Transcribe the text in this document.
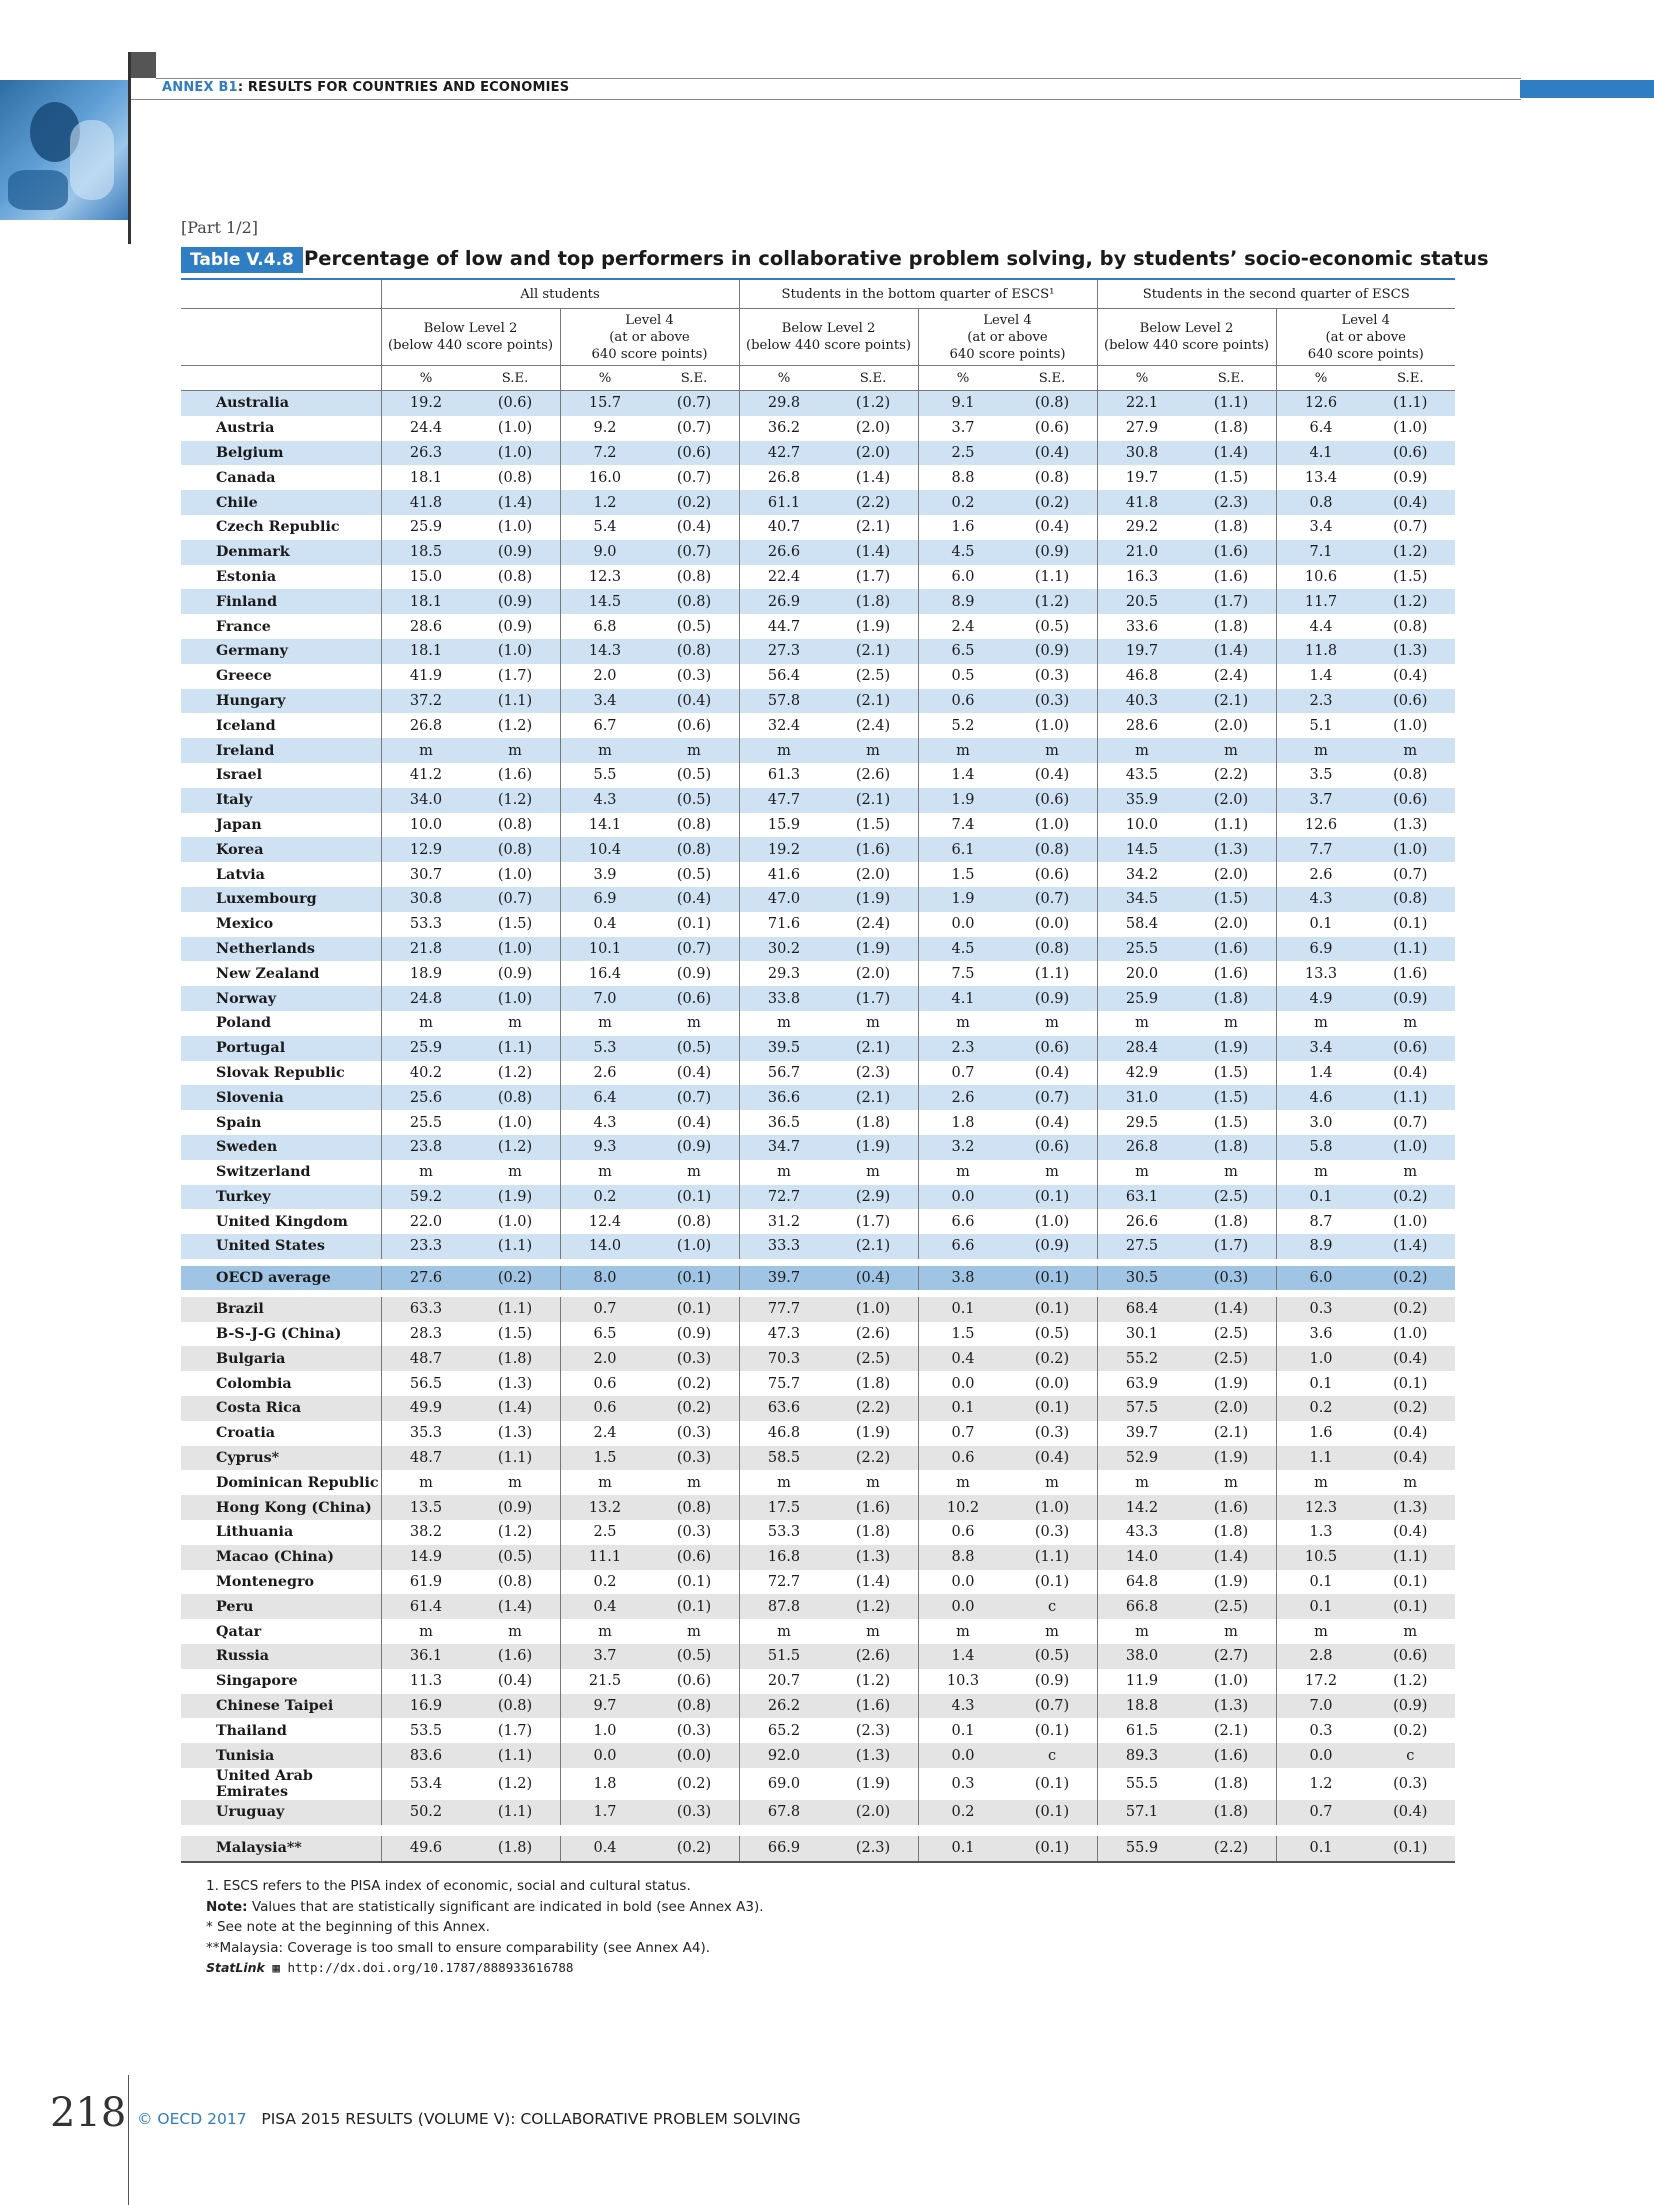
ANNEX B1: RESULTS FOR COUNTRIES AND ECONOMIES
[Part 1/2]
Table V.4.8 Percentage of low and top performers in collaborative problem solving, by students’ socio-economic status
	All students				Students in the bottom quarter of ESCS¹				Students in the second quarter of ESCS			
	Below Level 2
(below 440 score points)		Level 4
(at or above
640 score points)		Below Level 2
(below 440 score points)		Level 4
(at or above
640 score points)		Below Level 2
(below 440 score points)		Level 4
(at or above
640 score points)	
	%	S.E.	%	S.E.	%	S.E.	%	S.E.	%	S.E.	%	S.E.
Australia	19.2	(0.6)	15.7	(0.7)	29.8	(1.2)	9.1	(0.8)	22.1	(1.1)	12.6	(1.1)
Austria	24.4	(1.0)	9.2	(0.7)	36.2	(2.0)	3.7	(0.6)	27.9	(1.8)	6.4	(1.0)
Belgium	26.3	(1.0)	7.2	(0.6)	42.7	(2.0)	2.5	(0.4)	30.8	(1.4)	4.1	(0.6)
Canada	18.1	(0.8)	16.0	(0.7)	26.8	(1.4)	8.8	(0.8)	19.7	(1.5)	13.4	(0.9)
Chile	41.8	(1.4)	1.2	(0.2)	61.1	(2.2)	0.2	(0.2)	41.8	(2.3)	0.8	(0.4)
Czech Republic	25.9	(1.0)	5.4	(0.4)	40.7	(2.1)	1.6	(0.4)	29.2	(1.8)	3.4	(0.7)
Denmark	18.5	(0.9)	9.0	(0.7)	26.6	(1.4)	4.5	(0.9)	21.0	(1.6)	7.1	(1.2)
Estonia	15.0	(0.8)	12.3	(0.8)	22.4	(1.7)	6.0	(1.1)	16.3	(1.6)	10.6	(1.5)
Finland	18.1	(0.9)	14.5	(0.8)	26.9	(1.8)	8.9	(1.2)	20.5	(1.7)	11.7	(1.2)
France	28.6	(0.9)	6.8	(0.5)	44.7	(1.9)	2.4	(0.5)	33.6	(1.8)	4.4	(0.8)
Germany	18.1	(1.0)	14.3	(0.8)	27.3	(2.1)	6.5	(0.9)	19.7	(1.4)	11.8	(1.3)
Greece	41.9	(1.7)	2.0	(0.3)	56.4	(2.5)	0.5	(0.3)	46.8	(2.4)	1.4	(0.4)
Hungary	37.2	(1.1)	3.4	(0.4)	57.8	(2.1)	0.6	(0.3)	40.3	(2.1)	2.3	(0.6)
Iceland	26.8	(1.2)	6.7	(0.6)	32.4	(2.4)	5.2	(1.0)	28.6	(2.0)	5.1	(1.0)
Ireland	m	m	m	m	m	m	m	m	m	m	m	m
Israel	41.2	(1.6)	5.5	(0.5)	61.3	(2.6)	1.4	(0.4)	43.5	(2.2)	3.5	(0.8)
Italy	34.0	(1.2)	4.3	(0.5)	47.7	(2.1)	1.9	(0.6)	35.9	(2.0)	3.7	(0.6)
Japan	10.0	(0.8)	14.1	(0.8)	15.9	(1.5)	7.4	(1.0)	10.0	(1.1)	12.6	(1.3)
Korea	12.9	(0.8)	10.4	(0.8)	19.2	(1.6)	6.1	(0.8)	14.5	(1.3)	7.7	(1.0)
Latvia	30.7	(1.0)	3.9	(0.5)	41.6	(2.0)	1.5	(0.6)	34.2	(2.0)	2.6	(0.7)
Luxembourg	30.8	(0.7)	6.9	(0.4)	47.0	(1.9)	1.9	(0.7)	34.5	(1.5)	4.3	(0.8)
Mexico	53.3	(1.5)	0.4	(0.1)	71.6	(2.4)	0.0	(0.0)	58.4	(2.0)	0.1	(0.1)
Netherlands	21.8	(1.0)	10.1	(0.7)	30.2	(1.9)	4.5	(0.8)	25.5	(1.6)	6.9	(1.1)
New Zealand	18.9	(0.9)	16.4	(0.9)	29.3	(2.0)	7.5	(1.1)	20.0	(1.6)	13.3	(1.6)
Norway	24.8	(1.0)	7.0	(0.6)	33.8	(1.7)	4.1	(0.9)	25.9	(1.8)	4.9	(0.9)
Poland	m	m	m	m	m	m	m	m	m	m	m	m
Portugal	25.9	(1.1)	5.3	(0.5)	39.5	(2.1)	2.3	(0.6)	28.4	(1.9)	3.4	(0.6)
Slovak Republic	40.2	(1.2)	2.6	(0.4)	56.7	(2.3)	0.7	(0.4)	42.9	(1.5)	1.4	(0.4)
Slovenia	25.6	(0.8)	6.4	(0.7)	36.6	(2.1)	2.6	(0.7)	31.0	(1.5)	4.6	(1.1)
Spain	25.5	(1.0)	4.3	(0.4)	36.5	(1.8)	1.8	(0.4)	29.5	(1.5)	3.0	(0.7)
Sweden	23.8	(1.2)	9.3	(0.9)	34.7	(1.9)	3.2	(0.6)	26.8	(1.8)	5.8	(1.0)
Switzerland	m	m	m	m	m	m	m	m	m	m	m	m
Turkey	59.2	(1.9)	0.2	(0.1)	72.7	(2.9)	0.0	(0.1)	63.1	(2.5)	0.1	(0.2)
United Kingdom	22.0	(1.0)	12.4	(0.8)	31.2	(1.7)	6.6	(1.0)	26.6	(1.8)	8.7	(1.0)
United States	23.3	(1.1)	14.0	(1.0)	33.3	(2.1)	6.6	(0.9)	27.5	(1.7)	8.9	(1.4)
OECD average	27.6	(0.2)	8.0	(0.1)	39.7	(0.4)	3.8	(0.1)	30.5	(0.3)	6.0	(0.2)
Brazil	63.3	(1.1)	0.7	(0.1)	77.7	(1.0)	0.1	(0.1)	68.4	(1.4)	0.3	(0.2)
B-S-J-G (China)	28.3	(1.5)	6.5	(0.9)	47.3	(2.6)	1.5	(0.5)	30.1	(2.5)	3.6	(1.0)
Bulgaria	48.7	(1.8)	2.0	(0.3)	70.3	(2.5)	0.4	(0.2)	55.2	(2.5)	1.0	(0.4)
Colombia	56.5	(1.3)	0.6	(0.2)	75.7	(1.8)	0.0	(0.0)	63.9	(1.9)	0.1	(0.1)
Costa Rica	49.9	(1.4)	0.6	(0.2)	63.6	(2.2)	0.1	(0.1)	57.5	(2.0)	0.2	(0.2)
Croatia	35.3	(1.3)	2.4	(0.3)	46.8	(1.9)	0.7	(0.3)	39.7	(2.1)	1.6	(0.4)
Cyprus*	48.7	(1.1)	1.5	(0.3)	58.5	(2.2)	0.6	(0.4)	52.9	(1.9)	1.1	(0.4)
Dominican Republic	m	m	m	m	m	m	m	m	m	m	m	m
Hong Kong (China)	13.5	(0.9)	13.2	(0.8)	17.5	(1.6)	10.2	(1.0)	14.2	(1.6)	12.3	(1.3)
Lithuania	38.2	(1.2)	2.5	(0.3)	53.3	(1.8)	0.6	(0.3)	43.3	(1.8)	1.3	(0.4)
Macao (China)	14.9	(0.5)	11.1	(0.6)	16.8	(1.3)	8.8	(1.1)	14.0	(1.4)	10.5	(1.1)
Montenegro	61.9	(0.8)	0.2	(0.1)	72.7	(1.4)	0.0	(0.1)	64.8	(1.9)	0.1	(0.1)
Peru	61.4	(1.4)	0.4	(0.1)	87.8	(1.2)	0.0	c	66.8	(2.5)	0.1	(0.1)
Qatar	m	m	m	m	m	m	m	m	m	m	m	m
Russia	36.1	(1.6)	3.7	(0.5)	51.5	(2.6)	1.4	(0.5)	38.0	(2.7)	2.8	(0.6)
Singapore	11.3	(0.4)	21.5	(0.6)	20.7	(1.2)	10.3	(0.9)	11.9	(1.0)	17.2	(1.2)
Chinese Taipei	16.9	(0.8)	9.7	(0.8)	26.2	(1.6)	4.3	(0.7)	18.8	(1.3)	7.0	(0.9)
Thailand	53.5	(1.7)	1.0	(0.3)	65.2	(2.3)	0.1	(0.1)	61.5	(2.1)	0.3	(0.2)
Tunisia	83.6	(1.1)	0.0	(0.0)	92.0	(1.3)	0.0	c	89.3	(1.6)	0.0	c
United Arab Emirates	53.4	(1.2)	1.8	(0.2)	69.0	(1.9)	0.3	(0.1)	55.5	(1.8)	1.2	(0.3)
Uruguay	50.2	(1.1)	1.7	(0.3)	67.8	(2.0)	0.2	(0.1)	57.1	(1.8)	0.7	(0.4)

Malaysia**	49.6	(1.8)	0.4	(0.2)	66.9	(2.3)	0.1	(0.1)	55.9	(2.2)	0.1	(0.1)
1. ESCS refers to the PISA index of economic, social and cultural status.
Note: Values that are statistically significant are indicated in bold (see Annex A3).
* See note at the beginning of this Annex.
**Malaysia: Coverage is too small to ensure comparability (see Annex A4).
StatLink ▦ http://dx.doi.org/10.1787/888933616788
218 © OECD 2017 PISA 2015 RESULTS (VOLUME V): COLLABORATIVE PROBLEM SOLVING
